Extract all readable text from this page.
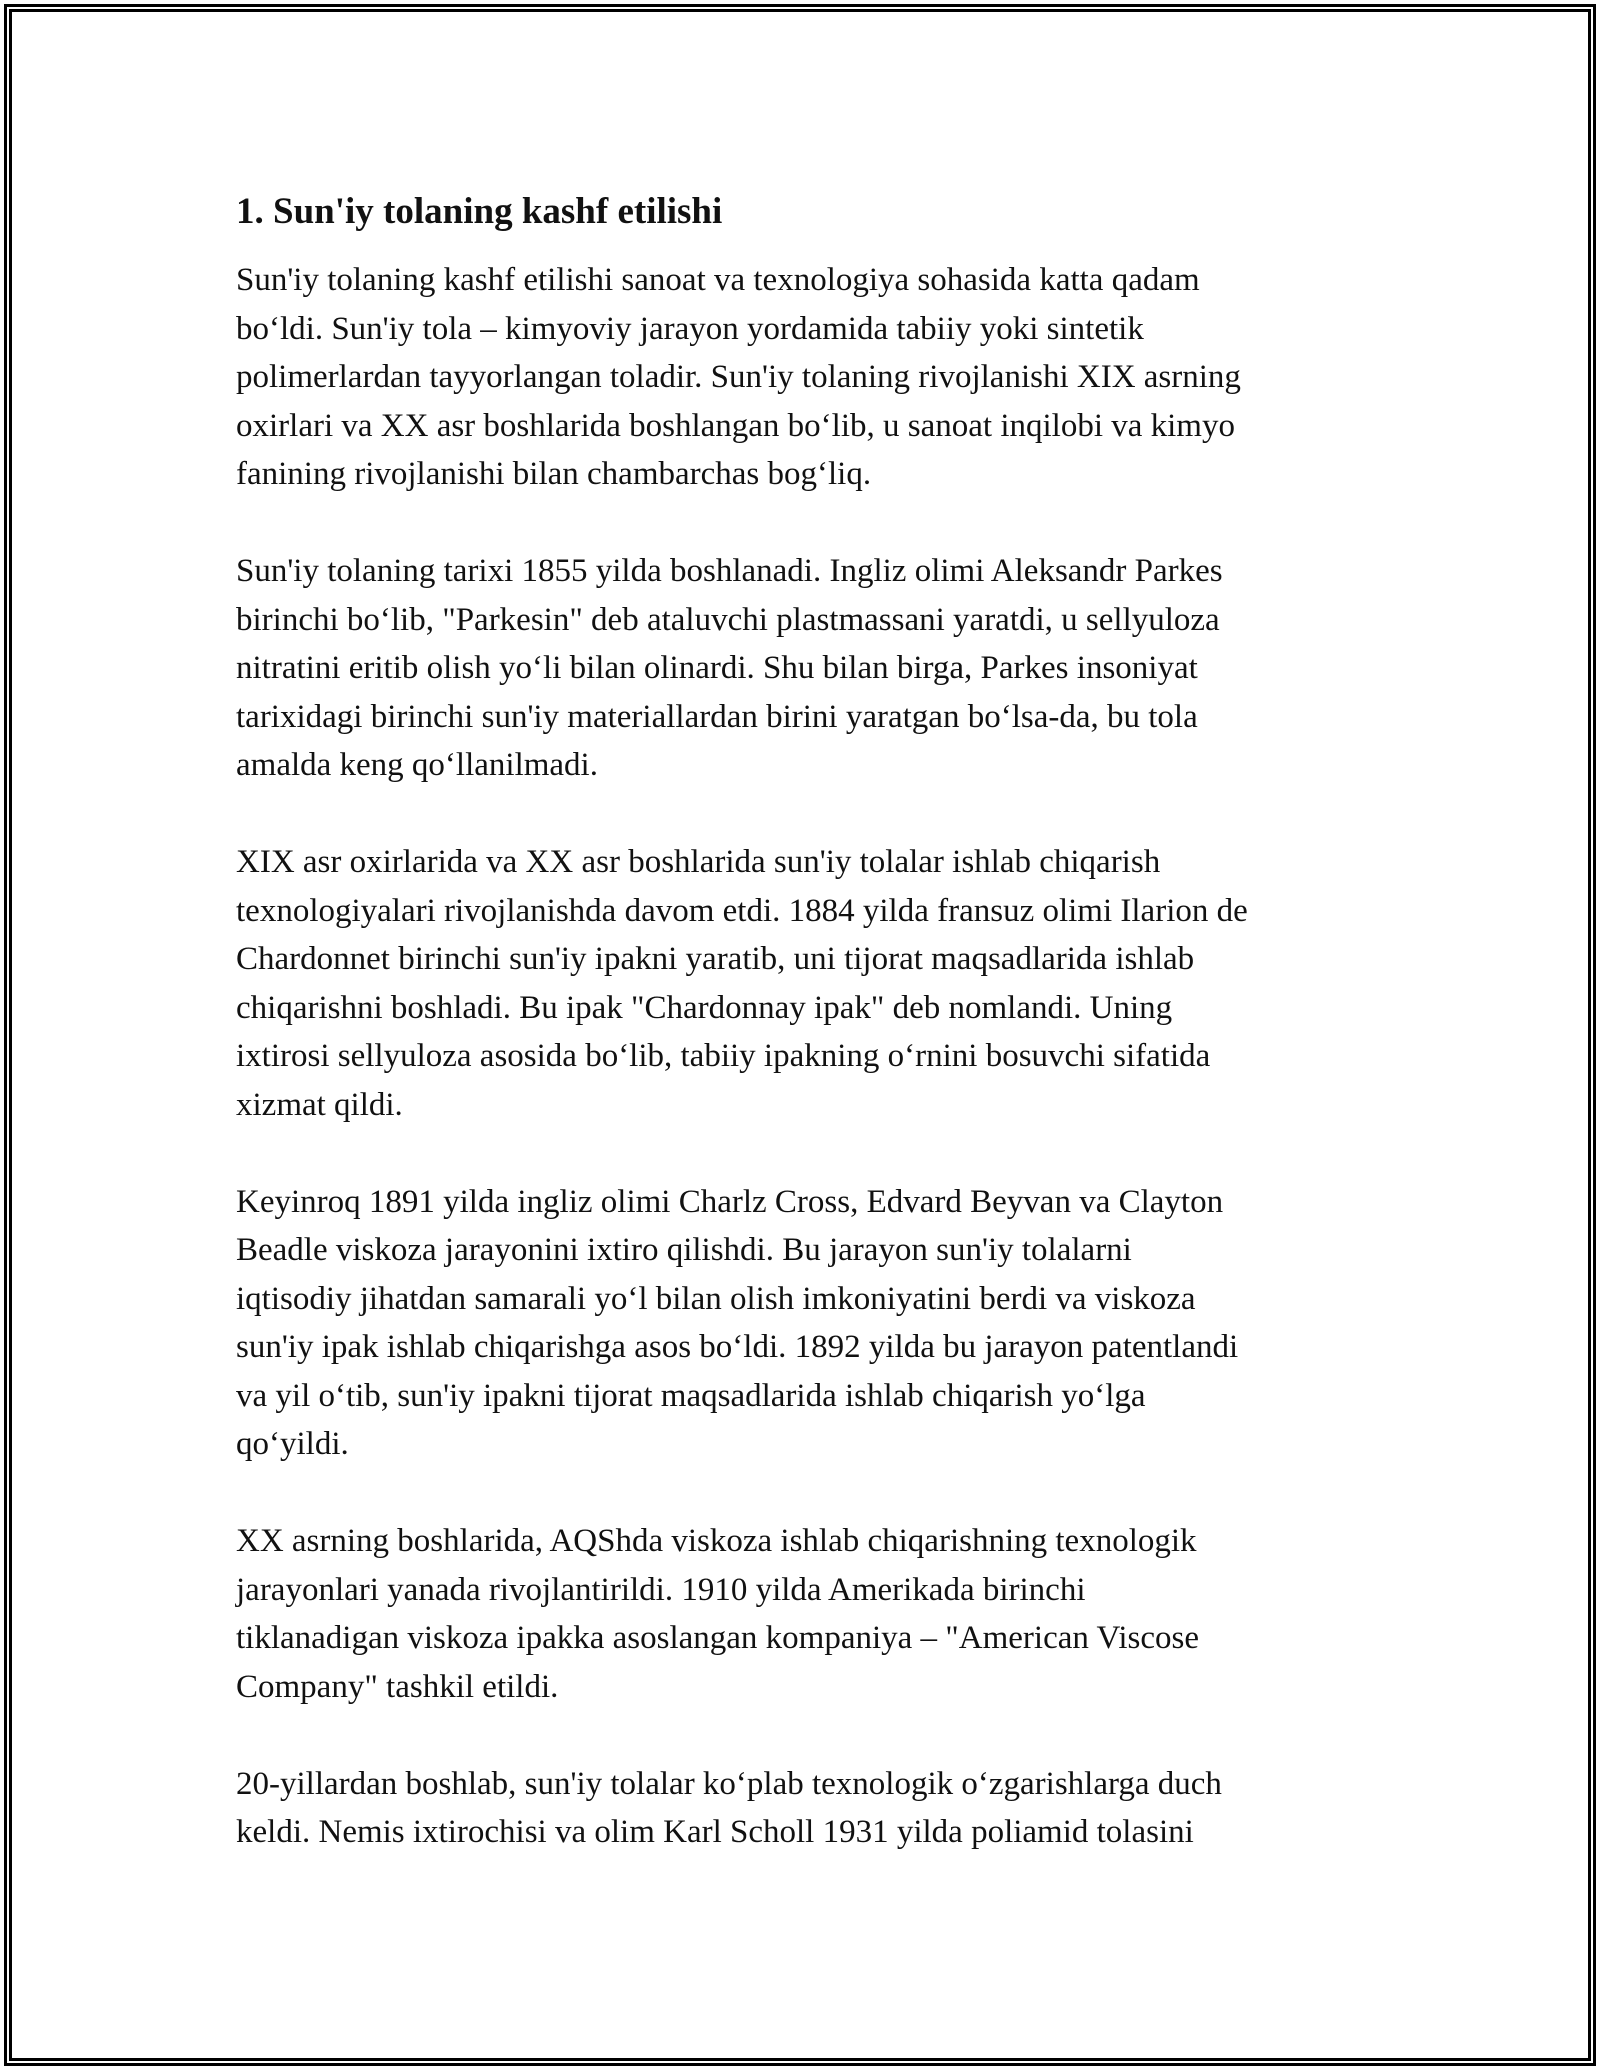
1. Sun'iy tolaning kashf etilishi

Sun'iy tolaning kashf etilishi sanoat va texnologiya sohasida katta qadam
bo‘ldi. Sun'iy tola – kimyoviy jarayon yordamida tabiiy yoki sintetik
polimerlardan tayyorlangan toladir. Sun'iy tolaning rivojlanishi XIX asrning
oxirlari va XX asr boshlarida boshlangan bo‘lib, u sanoat inqilobi va kimyo
fanining rivojlanishi bilan chambarchas bog‘liq.

Sun'iy tolaning tarixi 1855 yilda boshlanadi. Ingliz olimi Aleksandr Parkes
birinchi bo‘lib, "Parkesin" deb ataluvchi plastmassani yaratdi, u sellyuloza
nitratini eritib olish yo‘li bilan olinardi. Shu bilan birga, Parkes insoniyat
tarixidagi birinchi sun'iy materiallardan birini yaratgan bo‘lsa-da, bu tola
amalda keng qo‘llanilmadi.

XIX asr oxirlarida va XX asr boshlarida sun'iy tolalar ishlab chiqarish
texnologiyalari rivojlanishda davom etdi. 1884 yilda fransuz olimi Ilarion de
Chardonnet birinchi sun'iy ipakni yaratib, uni tijorat maqsadlarida ishlab
chiqarishni boshladi. Bu ipak "Chardonnay ipak" deb nomlandi. Uning
ixtirosi sellyuloza asosida bo‘lib, tabiiy ipakning o‘rnini bosuvchi sifatida
xizmat qildi.

Keyinroq 1891 yilda ingliz olimi Charlz Cross, Edvard Beyvan va Clayton
Beadle viskoza jarayonini ixtiro qilishdi. Bu jarayon sun'iy tolalarni
iqtisodiy jihatdan samarali yo‘l bilan olish imkoniyatini berdi va viskoza
sun'iy ipak ishlab chiqarishga asos bo‘ldi. 1892 yilda bu jarayon patentlandi
va yil o‘tib, sun'iy ipakni tijorat maqsadlarida ishlab chiqarish yo‘lga
qo‘yildi.

XX asrning boshlarida, AQShda viskoza ishlab chiqarishning texnologik
jarayonlari yanada rivojlantirildi. 1910 yilda Amerikada birinchi
tiklanadigan viskoza ipakka asoslangan kompaniya – "American Viscose
Company" tashkil etildi.

20-yillardan boshlab, sun'iy tolalar ko‘plab texnologik o‘zgarishlarga duch
keldi. Nemis ixtirochisi va olim Karl Scholl 1931 yilda poliamid tolasini
